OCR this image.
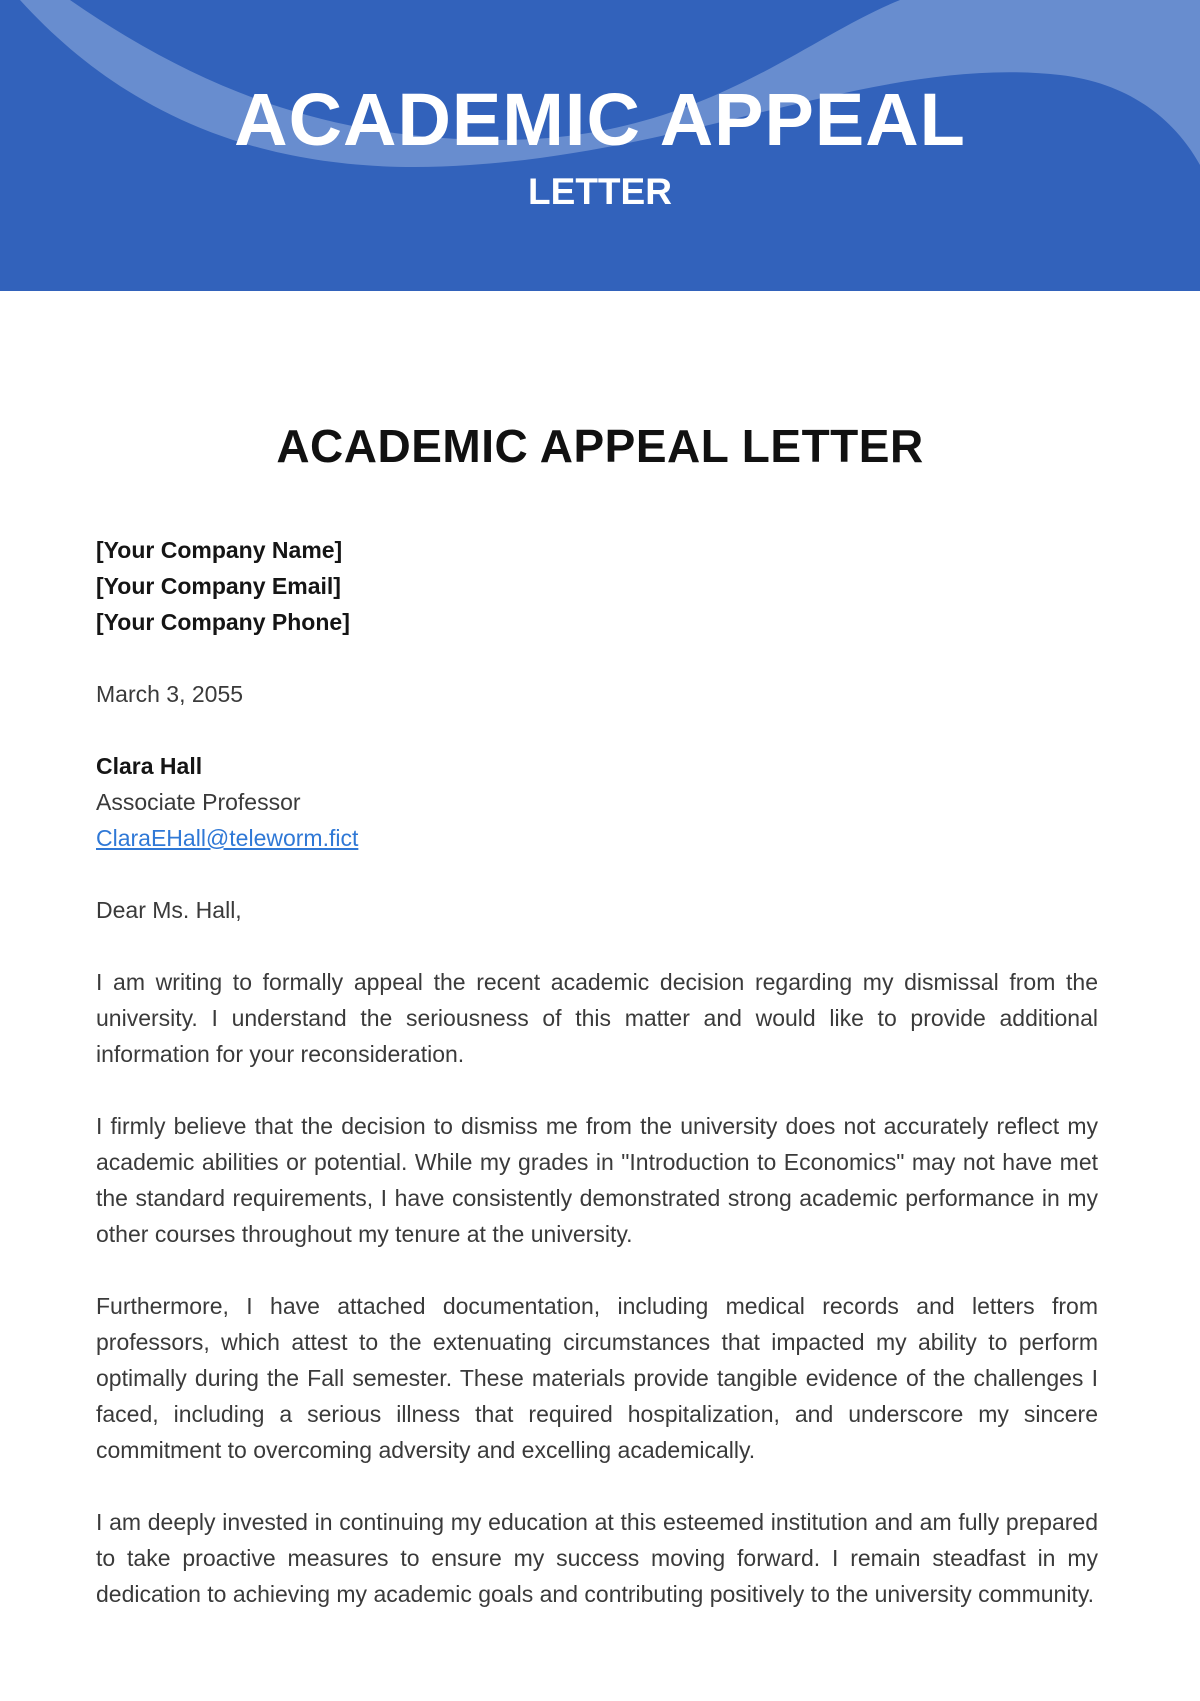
ACADEMIC APPEAL
LETTER
ACADEMIC APPEAL LETTER
[Your Company Name]
[Your Company Email]
[Your Company Phone]
March 3, 2055
Clara Hall
Associate Professor
ClaraEHall@teleworm.fict
Dear Ms. Hall,

I am writing to formally appeal the recent academic decision regarding my dismissal from the university. I understand the seriousness of this matter and would like to provide additional information for your reconsideration.

I firmly believe that the decision to dismiss me from the university does not accurately reflect my academic abilities or potential. While my grades in "Introduction to Economics" may not have met the standard requirements, I have consistently demonstrated strong academic performance in my other courses throughout my tenure at the university.

Furthermore, I have attached documentation, including medical records and letters from professors, which attest to the extenuating circumstances that impacted my ability to perform optimally during the Fall semester. These materials provide tangible evidence of the challenges I faced, including a serious illness that required hospitalization, and underscore my sincere commitment to overcoming adversity and excelling academically.

I am deeply invested in continuing my education at this esteemed institution and am fully prepared to take proactive measures to ensure my success moving forward. I remain steadfast in my dedication to achieving my academic goals and contributing positively to the university community.
